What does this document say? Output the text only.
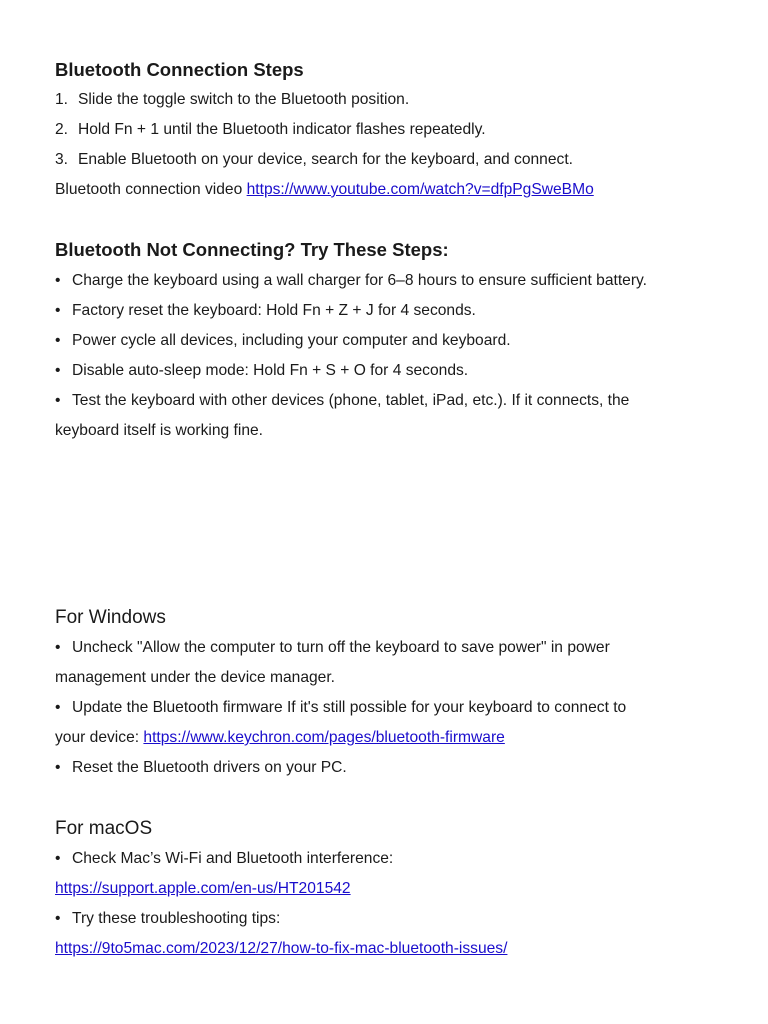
Bluetooth Connection Steps

1. Slide the toggle switch to the Bluetooth position.

2. Hold Fn + 1 until the Bluetooth indicator flashes repeatedly.

3. Enable Bluetooth on your device, search for the keyboard, and connect.

Bluetooth connection video https://www.youtube.com/watch?v=dfpPgSweBMo

Bluetooth Not Connecting? Try These Steps:

• Charge the keyboard using a wall charger for 6–8 hours to ensure sufficient battery.

• Factory reset the keyboard: Hold Fn + Z + J for 4 seconds.

• Power cycle all devices, including your computer and keyboard.

• Disable auto-sleep mode: Hold Fn + S + O for 4 seconds.

• Test the keyboard with other devices (phone, tablet, iPad, etc.). If it connects, the

keyboard itself is working fine.

For Windows

• Uncheck "Allow the computer to turn off the keyboard to save power" in power

management under the device manager.

• Update the Bluetooth firmware If it's still possible for your keyboard to connect to

your device: https://www.keychron.com/pages/bluetooth-firmware

• Reset the Bluetooth drivers on your PC.

For macOS

• Check Mac’s Wi-Fi and Bluetooth interference:

https://support.apple.com/en-us/HT201542

• Try these troubleshooting tips:

https://9to5mac.com/2023/12/27/how-to-fix-mac-bluetooth-issues/
